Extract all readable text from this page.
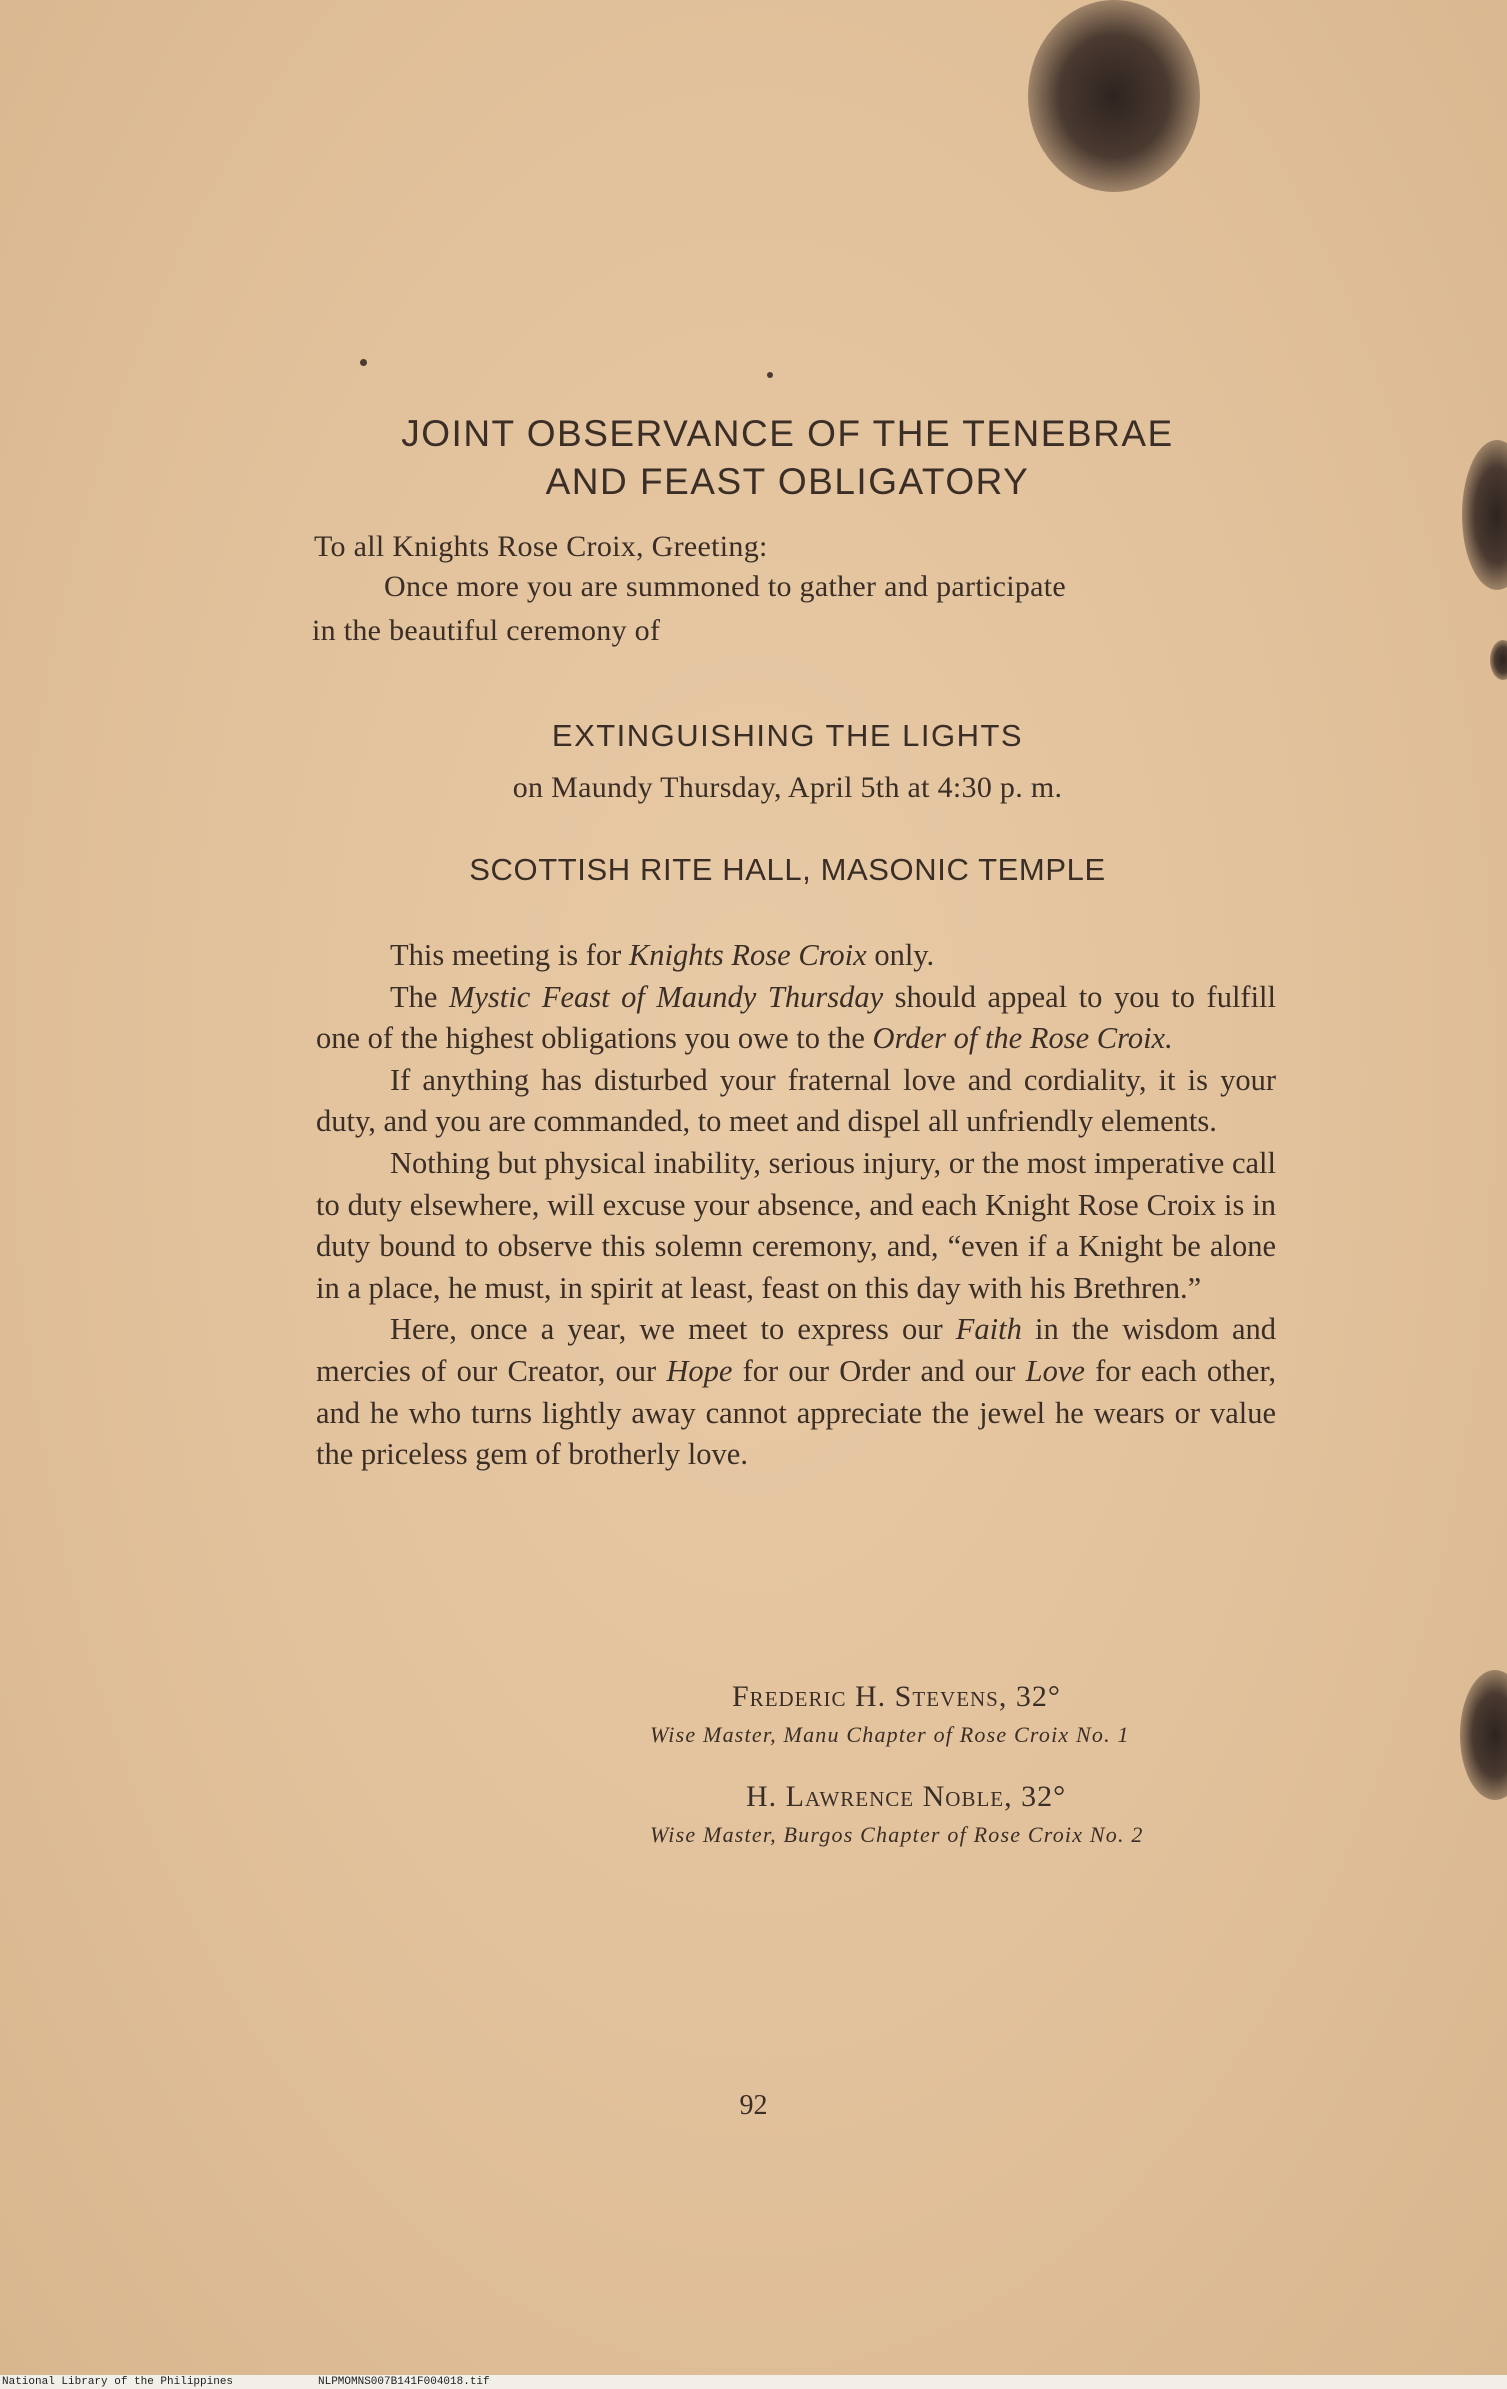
JOINT OBSERVANCE OF THE TENEBRAE
AND FEAST OBLIGATORY
To all Knights Rose Croix, Greeting:
Once more you are summoned to gather and participate
in the beautiful ceremony of
EXTINGUISHING THE LIGHTS
on Maundy Thursday, April 5th at 4:30 p. m.
SCOTTISH RITE HALL, MASONIC TEMPLE

This meeting is for Knights Rose Croix only.

The Mystic Feast of Maundy Thursday should appeal to you to fulfill one of the highest obligations you owe to the Order of the Rose Croix.

If anything has disturbed your fraternal love and cordiality, it is your duty, and you are commanded, to meet and dispel all unfriendly elements.

Nothing but physical inability, serious injury, or the most imperative call to duty elsewhere, will excuse your absence, and each Knight Rose Croix is in duty bound to observe this solemn ceremony, and, “even if a Knight be alone in a place, he must, in spirit at least, feast on this day with his Brethren.”

Here, once a year, we meet to express our Faith in the wisdom and mercies of our Creator, our Hope for our Order and our Love for each other, and he who turns lightly away cannot appreciate the jewel he wears or value the priceless gem of brotherly love.

Frederic H. Stevens, 32°
Wise Master, Manu Chapter of Rose Croix No. 1
H. Lawrence Noble, 32°
Wise Master, Burgos Chapter of Rose Croix No. 2
92
National Library of the Philippines	NLPMOMNS007B141F004018.tif
